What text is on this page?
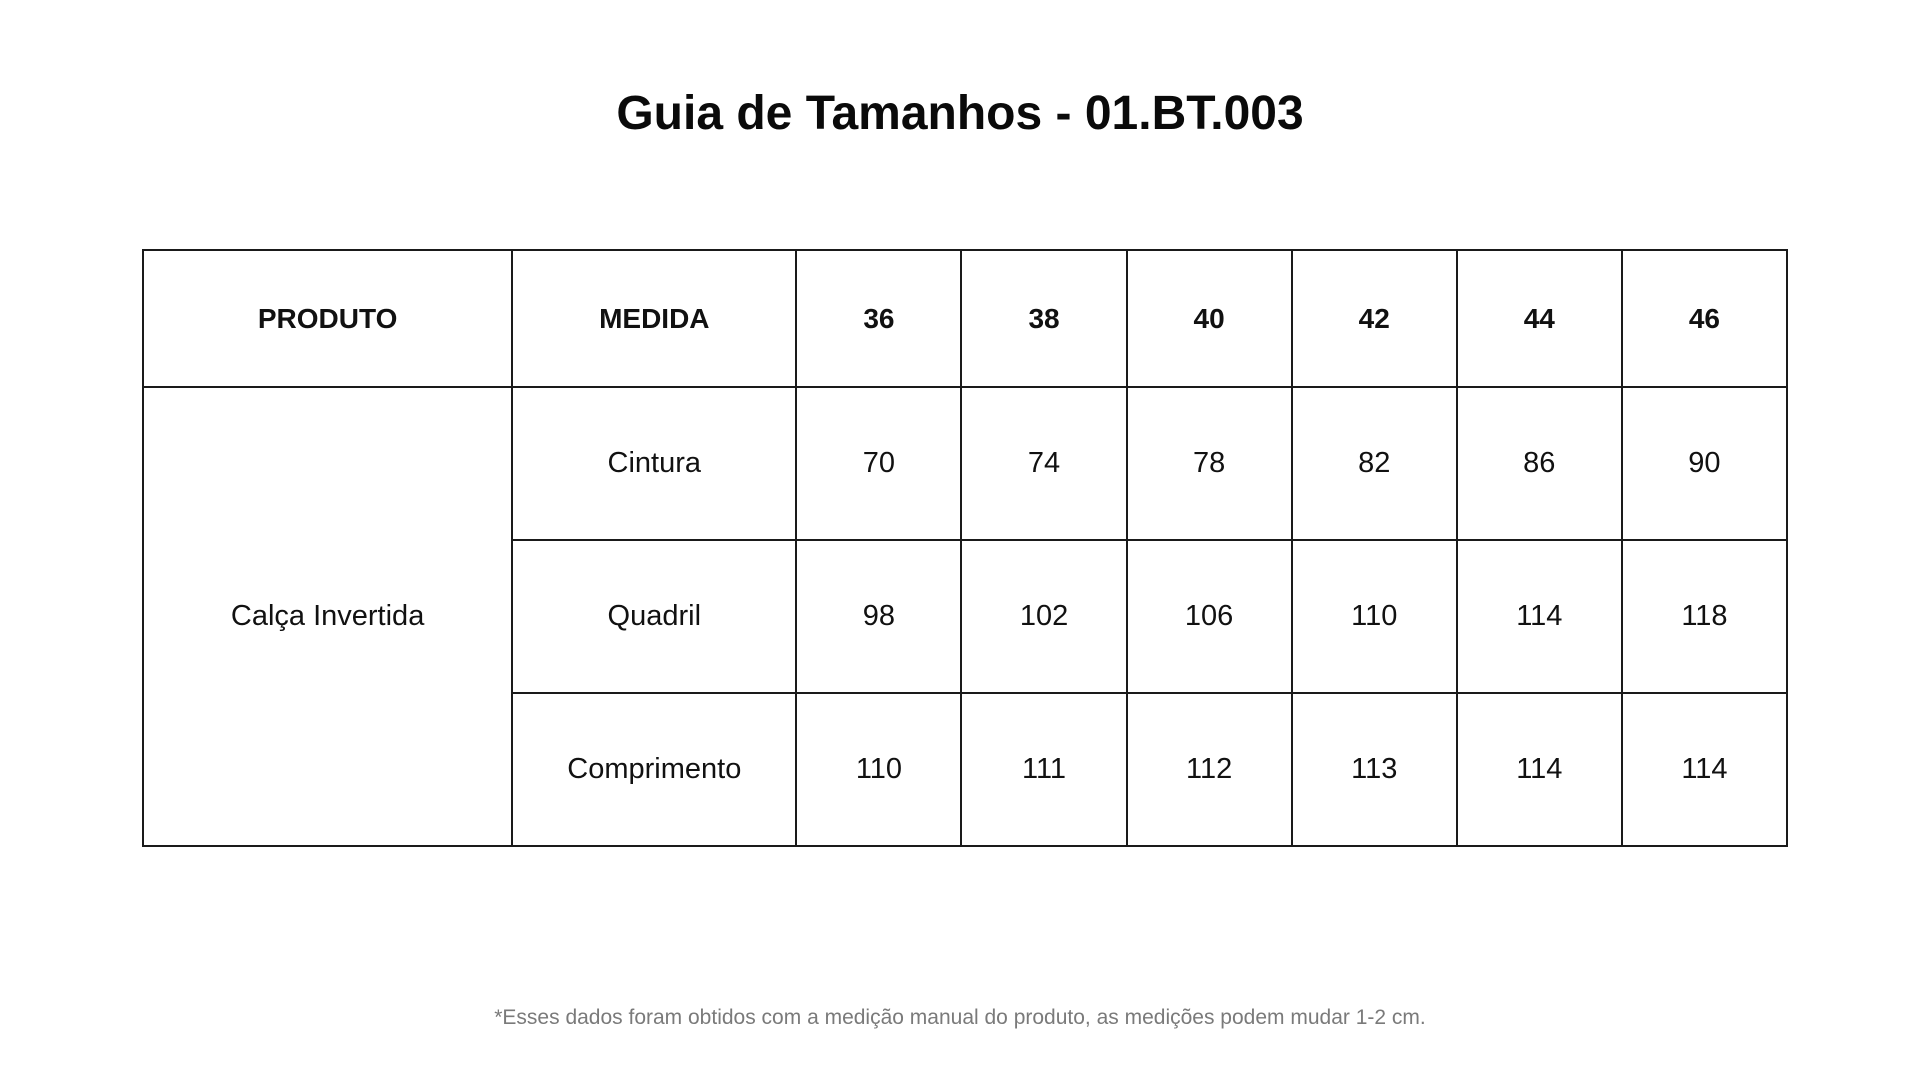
Guia de Tamanhos - 01.BT.003
PRODUTO	MEDIDA	36	38	40	42	44	46
Calça Invertida	Cintura	70	74	78	82	86	90
	Quadril	98	102	106	110	114	118
	Comprimento	110	111	112	113	114	114

*Esses dados foram obtidos com a medição manual do produto, as medições podem mudar 1-2 cm.
